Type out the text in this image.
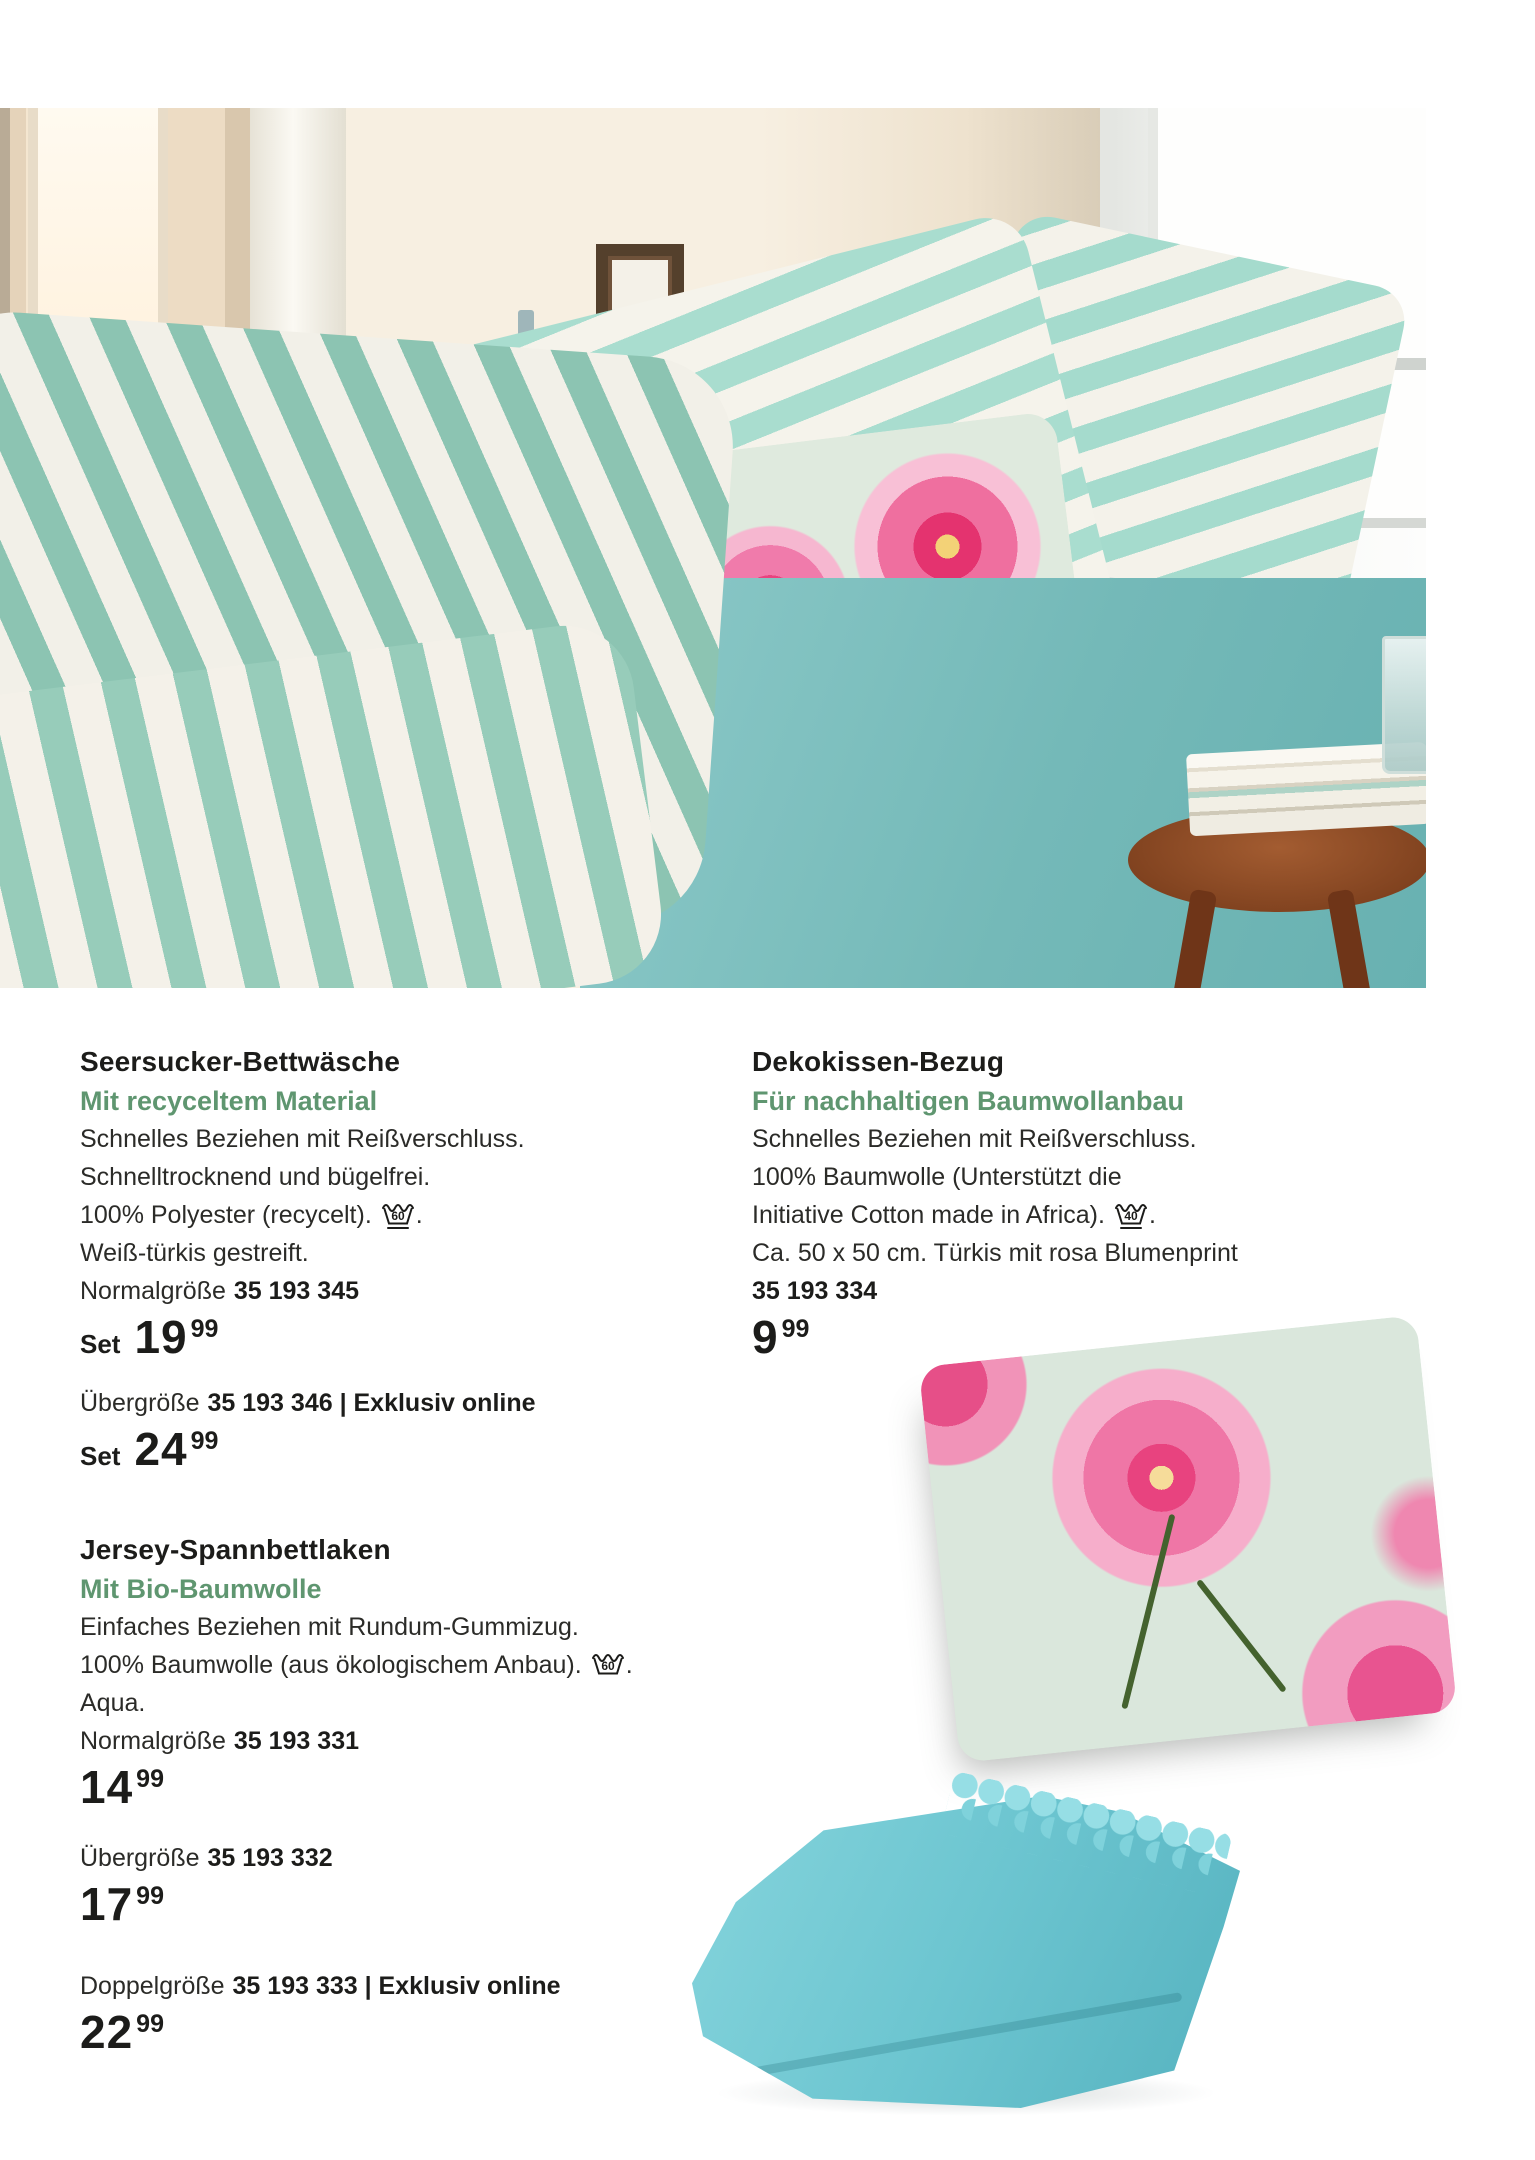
Seersucker-Bettwäsche
Mit recyceltem Material
Schnelles Beziehen mit Reißverschluss.
Schnelltrocknend und bügelfrei.
100% Polyester (recycelt). 60 .
Weiß-türkis gestreift.
Normalgröße 35 193 345
Set 19 99
Übergröße 35 193 346 | Exklusiv online
Set 24 99
Jersey-Spannbettlaken
Mit Bio-Baumwolle
Einfaches Beziehen mit Rundum-Gummizug.
100% Baumwolle (aus ökologischem Anbau). 60 .
Aqua.
Normalgröße 35 193 331
14 99
Übergröße 35 193 332
17 99
Doppelgröße 35 193 333 | Exklusiv online
22 99
Dekokissen-Bezug
Für nachhaltigen Baumwollanbau
Schnelles Beziehen mit Reißverschluss.
100% Baumwolle (Unterstützt die
Initiative Cotton made in Africa). 40 .
Ca. 50 x 50 cm. Türkis mit rosa Blumenprint
35 193 334
9 99
